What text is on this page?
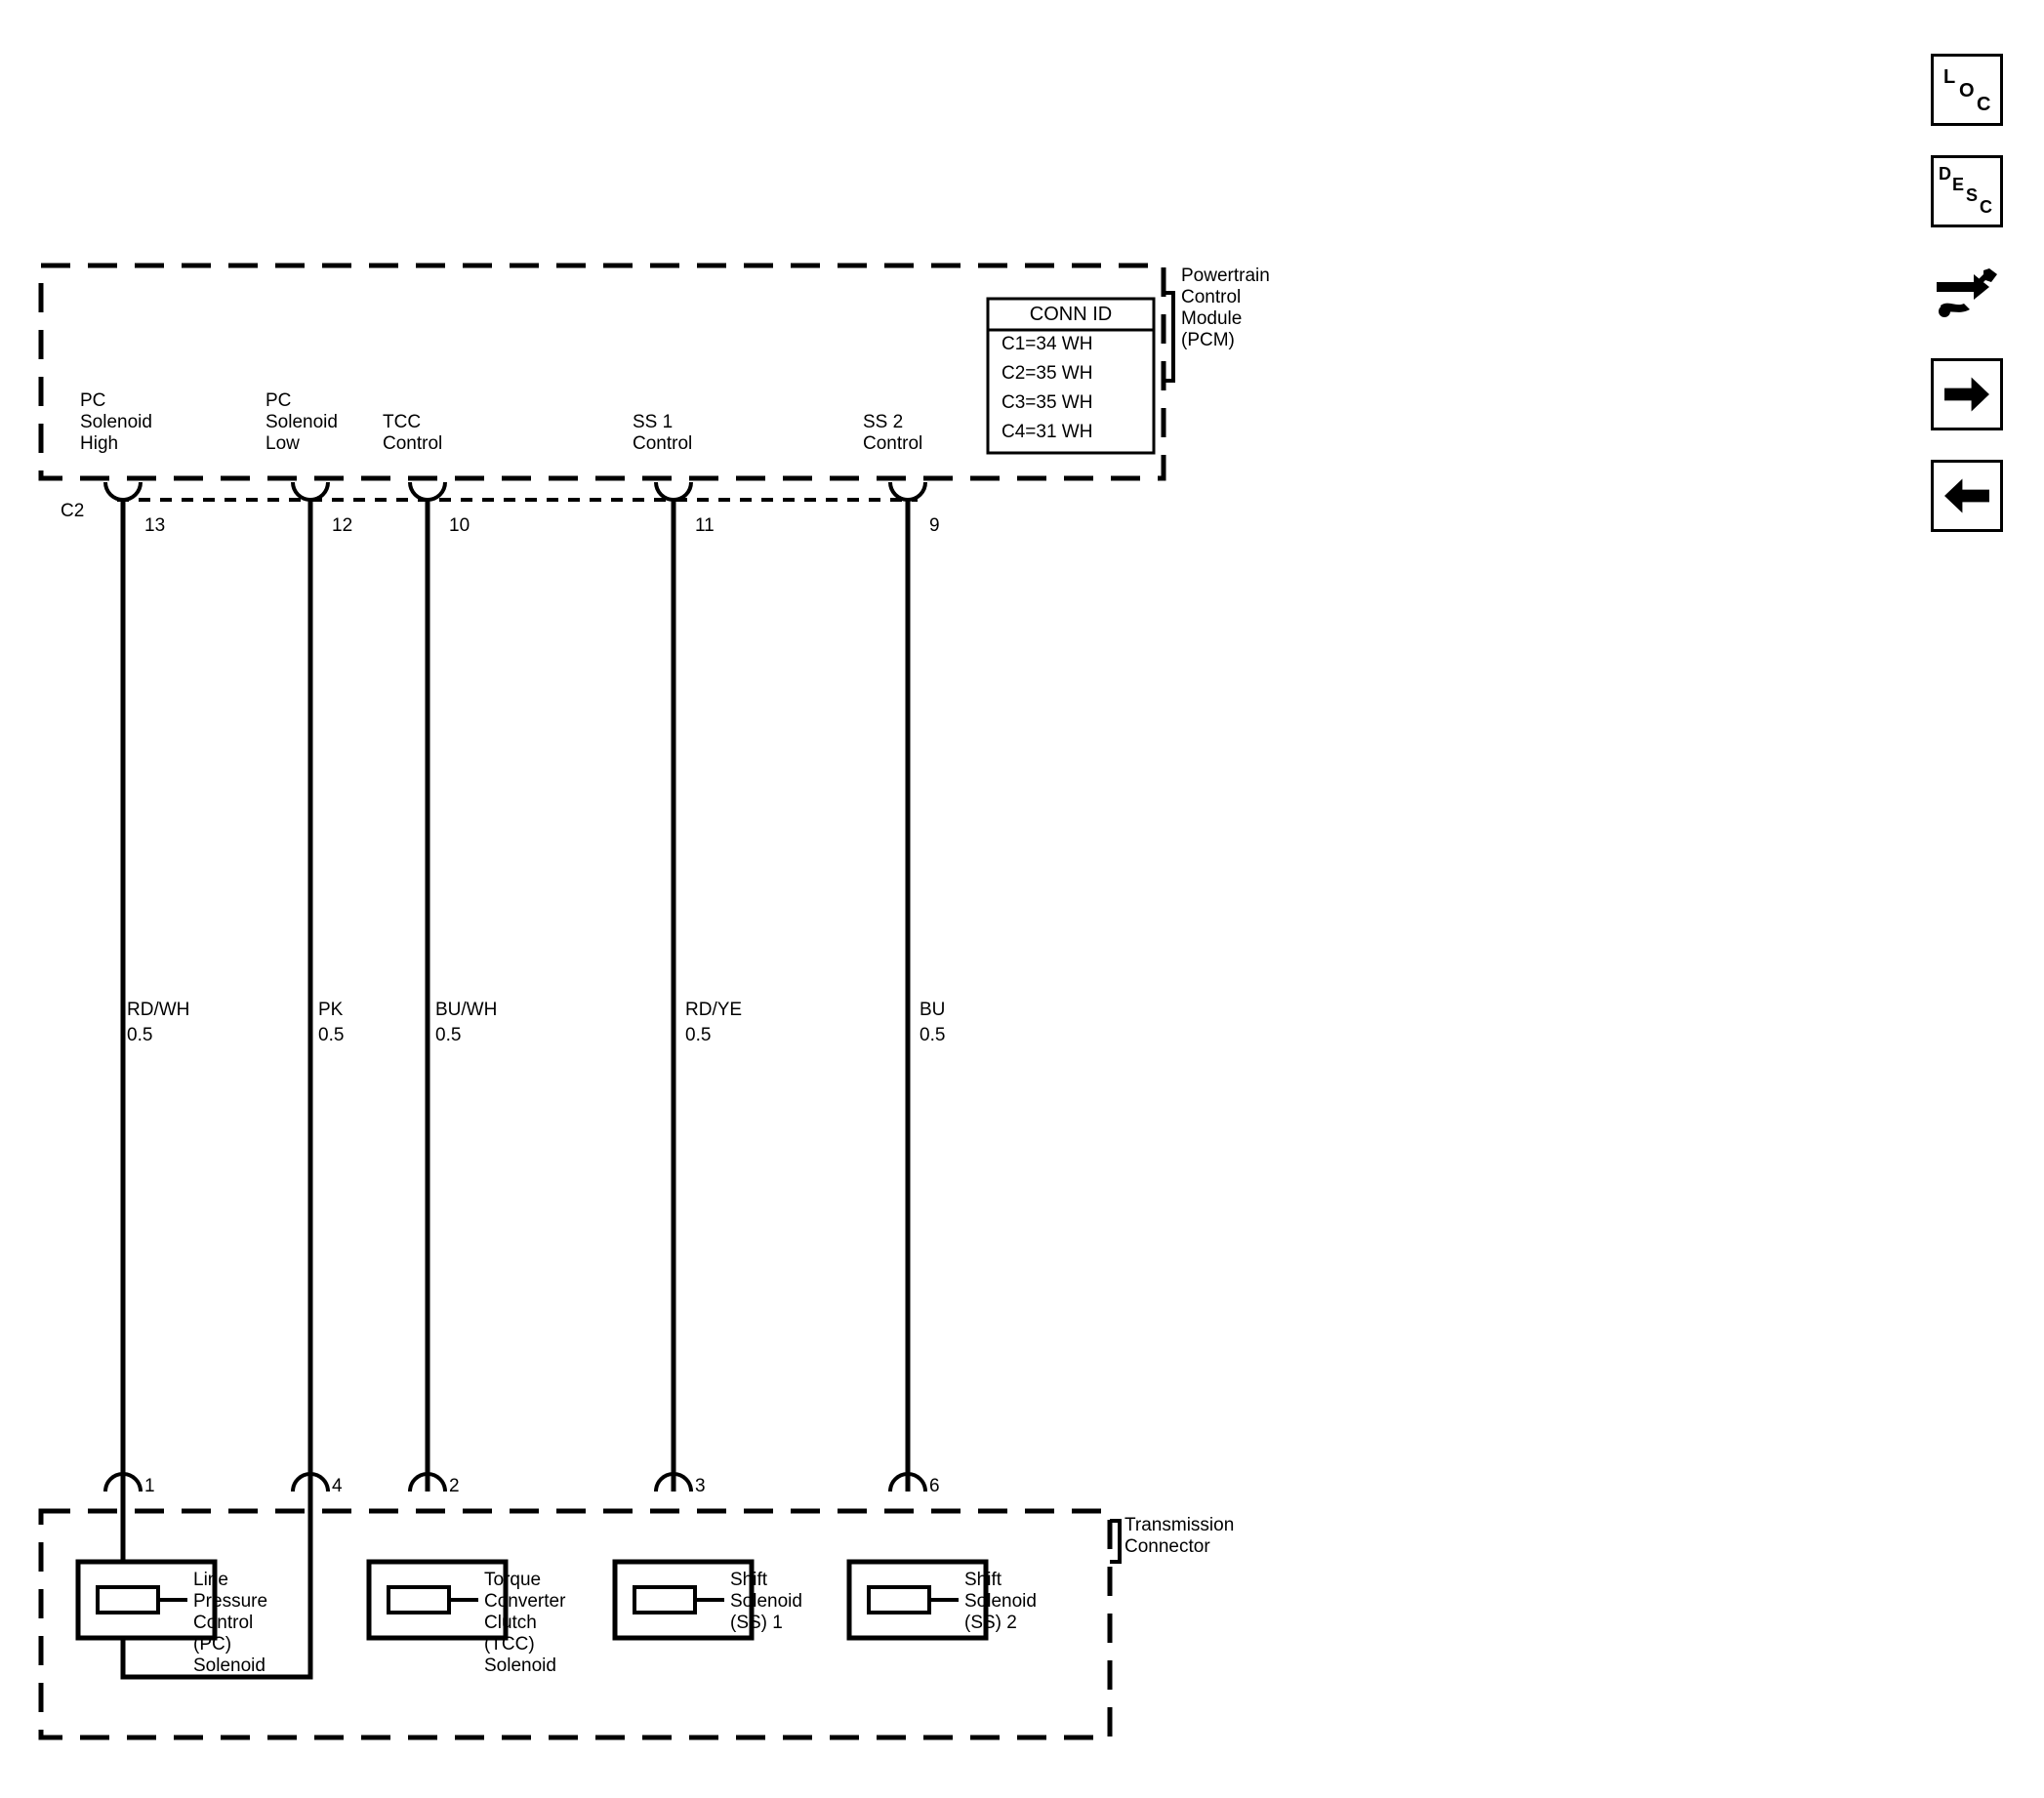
Powertrain
Control
Module
(PCM)
CONN ID
C1=34 WH
C2=35 WH
C3=35 WH
C4=31 WH
PC
Solenoid
High
PC
Solenoid
Low
TCC
Control
SS 1
Control
SS 2
Control
C2
13	12	10	11	9
RD/WH
0.5
PK
0.5
BU/WH
0.5
RD/YE
0.5
BU
0.5
1	4	2	3	6
Transmission
Connector
Line
Pressure
Control
(PC)
Solenoid
Torque
Converter
Clutch
(TCC)
Solenoid
Shift
Solenoid
(SS) 1
Shift
Solenoid
(SS) 2
L
O
C
D
E
S
C
